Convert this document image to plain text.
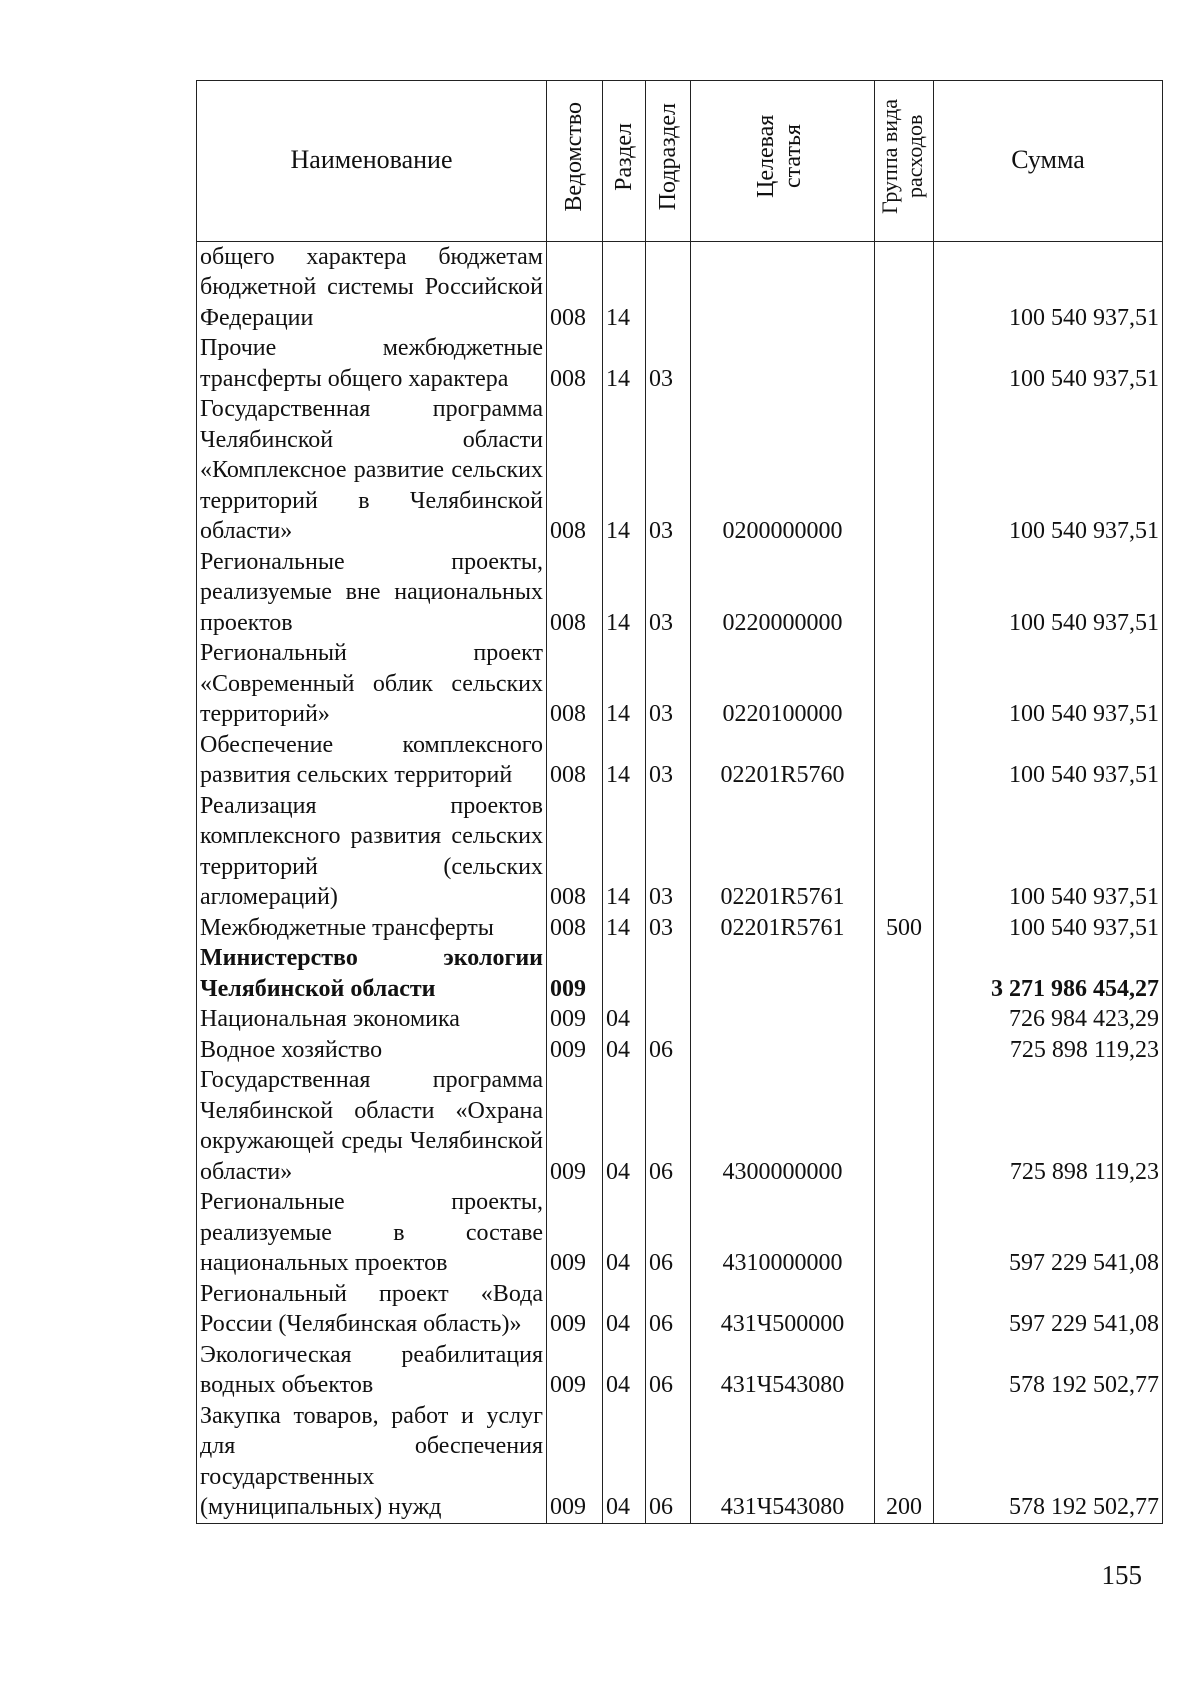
Наименование	Ведомство	Раздел	Подраздел	Целевая статья	Группа вида расходов	Сумма
общего характера бюджетам бюджетной системы Российской Федерации	008	14				100 540 937,51
Прочие межбюджетные трансферты общего характера	008	14	03			100 540 937,51
Государственная программа Челябинской области «Комплексное развитие сельских территорий в Челябинской области»	008	14	03	0200000000		100 540 937,51
Региональные проекты, реализуемые вне национальных проектов	008	14	03	0220000000		100 540 937,51
Региональный проект «Современный облик сельских территорий»	008	14	03	0220100000		100 540 937,51
Обеспечение комплексного развития сельских территорий	008	14	03	02201R5760		100 540 937,51
Реализация проектов комплексного развития сельских территорий (сельских агломераций)	008	14	03	02201R5761		100 540 937,51
Межбюджетные трансферты	008	14	03	02201R5761	500	100 540 937,51
Министерство экологии Челябинской области	009					3 271 986 454,27
Национальная экономика	009	04				726 984 423,29
Водное хозяйство	009	04	06			725 898 119,23
Государственная программа Челябинской области «Охрана окружающей среды Челябинской области»	009	04	06	4300000000		725 898 119,23
Региональные проекты, реализуемые в составе национальных проектов	009	04	06	4310000000		597 229 541,08
Региональный проект «Вода России (Челябинская область)»	009	04	06	431Ч500000		597 229 541,08
Экологическая реабилитация водных объектов	009	04	06	431Ч543080		578 192 502,77
Закупка товаров, работ и услуг для обеспечения государственных (муниципальных) нужд	009	04	06	431Ч543080	200	578 192 502,77
155
